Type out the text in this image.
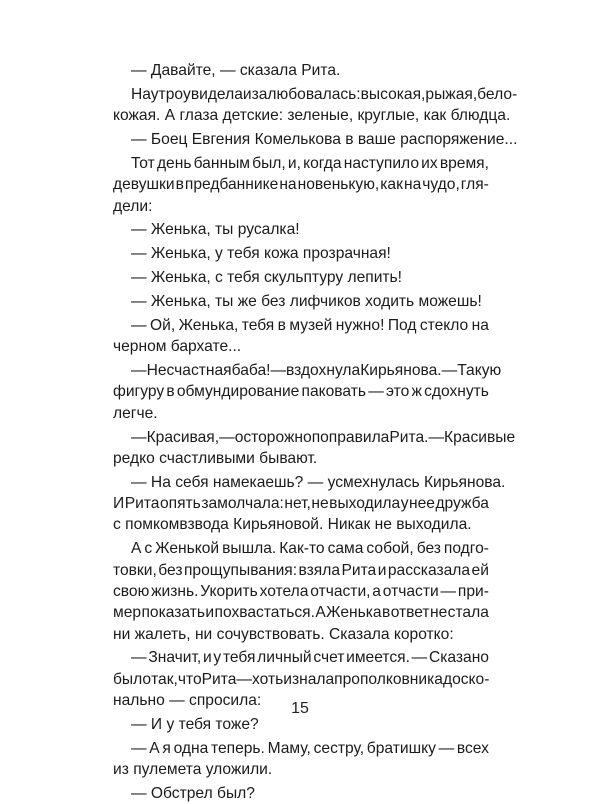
— Давайте, — сказала Рита.
Наутро увидела и залюбовалась: высокая, рыжая, бело-
кожая. А глаза детские: зеленые, круглые, как блюдца.
— Боец Евгения Комелькова в ваше распоряжение...
Тот день банным был, и, когда наступило их время,
девушки в предбаннике на новенькую, как на чудо, гля-
дели:
— Женька, ты русалка!
— Женька, у тебя кожа прозрачная!
— Женька, с тебя скульптуру лепить!
— Женька, ты же без лифчиков ходить можешь!
— Ой, Женька, тебя в музей нужно! Под стекло на
черном бархате...
— Несчастная баба! — вздохнула Кирьянова. — Такую
фигуру в обмундирование паковать — это ж сдохнуть
легче.
— Красивая, — осторожно поправила Рита. — Красивые
редко счастливыми бывают.
— На себя намекаешь? — усмехнулась Кирьянова.
И Рита опять замолчала: нет, не выходила у нее дружба
с помкомвзвода Кирьяновой. Никак не выходила.
А с Женькой вышла. Как-то сама собой, без подго-
товки, без прощупывания: взяла Рита и рассказала ей
свою жизнь. Укорить хотела отчасти, а отчасти — при-
мер показать и похвастаться. А Женька в ответ не стала
ни жалеть, ни сочувствовать. Сказала коротко:
— Значит, и у тебя личный счет имеется. — Сказано
было так, что Рита — хоть и знала про полковника доско-
нально — спросила:
— И у тебя тоже?
— А я одна теперь. Маму, сестру, братишку — всех
из пулемета уложили.
— Обстрел был?
15
